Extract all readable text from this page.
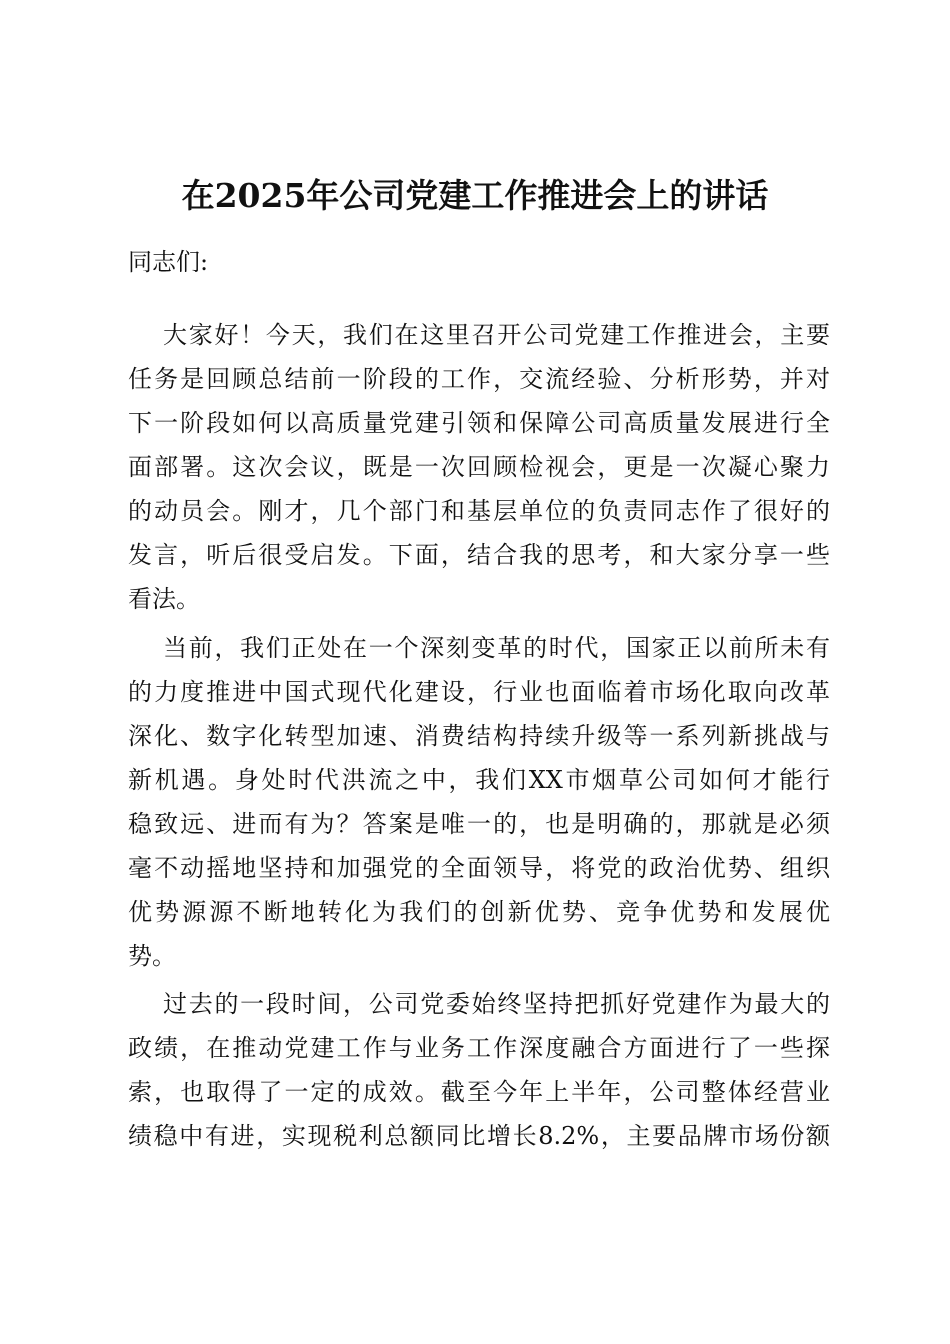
在2025年公司党建工作推进会上的讲话
同志们:
大家好！今天，我们在这里召开公司党建工作推进会，主要
任务是回顾总结前一阶段的工作，交流经验、分析形势，并对
下一阶段如何以高质量党建引领和保障公司高质量发展进行全
面部署。这次会议，既是一次回顾检视会，更是一次凝心聚力
的动员会。刚才，几个部门和基层单位的负责同志作了很好的
发言，听后很受启发。下面，结合我的思考，和大家分享一些
看法。
当前，我们正处在一个深刻变革的时代，国家正以前所未有
的力度推进中国式现代化建设，行业也面临着市场化取向改革
深化、数字化转型加速、消费结构持续升级等一系列新挑战与
新机遇。身处时代洪流之中，我们XX市烟草公司如何才能行
稳致远、进而有为？答案是唯一的，也是明确的，那就是必须
毫不动摇地坚持和加强党的全面领导，将党的政治优势、组织
优势源源不断地转化为我们的创新优势、竞争优势和发展优
势。
过去的一段时间，公司党委始终坚持把抓好党建作为最大的
政绩，在推动党建工作与业务工作深度融合方面进行了一些探
索，也取得了一定的成效。截至今年上半年，公司整体经营业
绩稳中有进，实现税利总额同比增长8.2%，主要品牌市场份额
